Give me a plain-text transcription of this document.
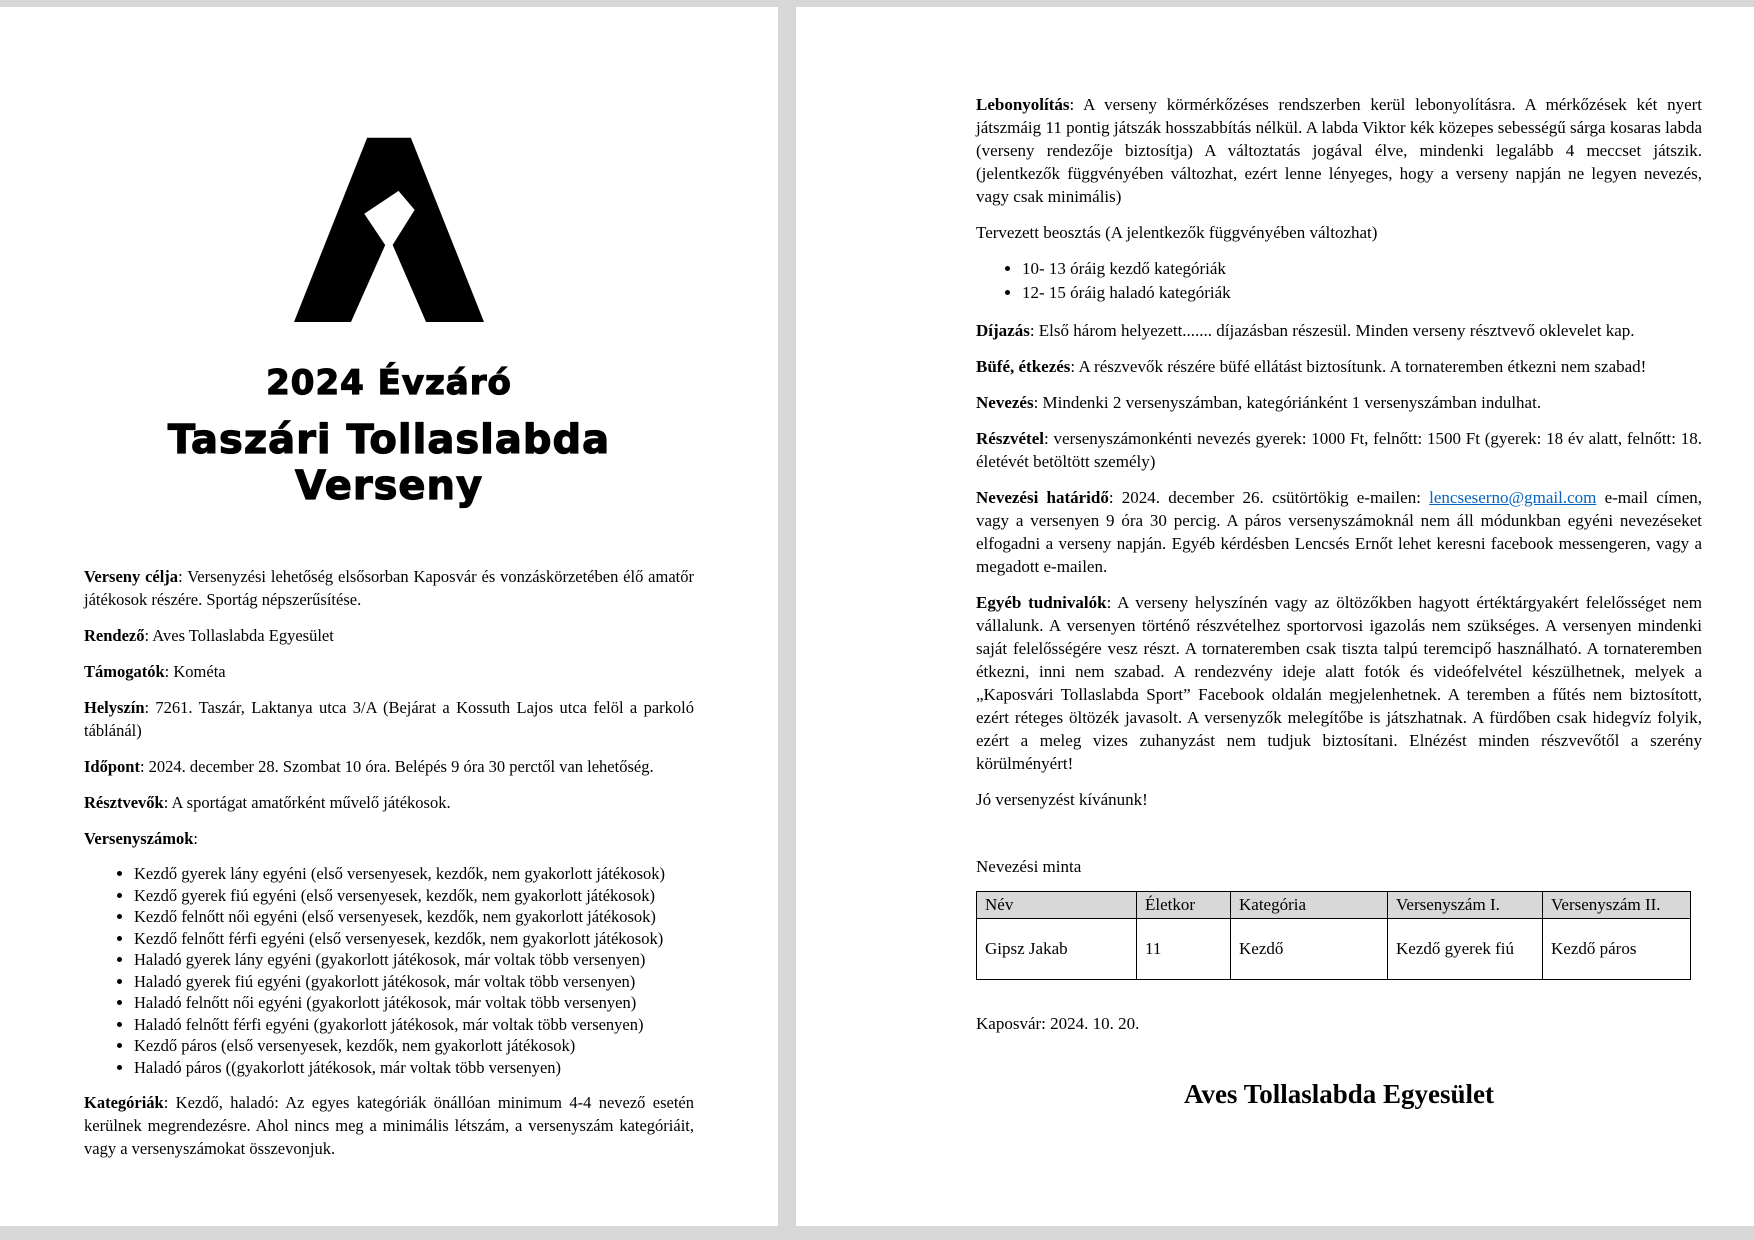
2024 Évzáró
Taszári Tollaslabda Verseny

Verseny célja: Versenyzési lehetőség elsősorban Kaposvár és vonzáskörzetében élő amatőr játékosok részére. Sportág népszerűsítése.

Rendező: Aves Tollaslabda Egyesület

Támogatók: Kométa

Helyszín: 7261. Taszár, Laktanya utca 3/A (Bejárat a Kossuth Lajos utca felöl a parkoló táblánál)

Időpont: 2024. december 28. Szombat 10 óra. Belépés 9 óra 30 perctől van lehetőség.

Résztvevők: A sportágat amatőrként művelő játékosok.

Versenyszámok:

• Kezdő gyerek lány egyéni (első versenyesek, kezdők, nem gyakorlott játékosok)
• Kezdő gyerek fiú egyéni (első versenyesek, kezdők, nem gyakorlott játékosok)
• Kezdő felnőtt női egyéni (első versenyesek, kezdők, nem gyakorlott játékosok)
• Kezdő felnőtt férfi egyéni (első versenyesek, kezdők, nem gyakorlott játékosok)
• Haladó gyerek lány egyéni (gyakorlott játékosok, már voltak több versenyen)
• Haladó gyerek fiú egyéni (gyakorlott játékosok, már voltak több versenyen)
• Haladó felnőtt női egyéni (gyakorlott játékosok, már voltak több versenyen)
• Haladó felnőtt férfi egyéni (gyakorlott játékosok, már voltak több versenyen)
• Kezdő páros (első versenyesek, kezdők, nem gyakorlott játékosok)
• Haladó páros ((gyakorlott játékosok, már voltak több versenyen)

Kategóriák: Kezdő, haladó: Az egyes kategóriák önállóan minimum 4-4 nevező esetén kerülnek megrendezésre. Ahol nincs meg a minimális létszám, a versenyszám kategóriáit, vagy a versenyszámokat összevonjuk.

Lebonyolítás: A verseny körmérkőzéses rendszerben kerül lebonyolításra. A mérkőzések két nyert játszmáig 11 pontig játszák hosszabbítás nélkül. A labda Viktor kék közepes sebességű sárga kosaras labda (verseny rendezője biztosítja) A változtatás jogával élve, mindenki legalább 4 meccset játszik. (jelentkezők függvényében változhat, ezért lenne lényeges, hogy a verseny napján ne legyen nevezés, vagy csak minimális)

Tervezett beosztás (A jelentkezők függvényében változhat)

• 10- 13 óráig kezdő kategóriák
• 12- 15 óráig haladó kategóriák

Díjazás: Első három helyezett....... díjazásban részesül. Minden verseny résztvevő oklevelet kap.

Büfé, étkezés: A részvevők részére büfé ellátást biztosítunk. A tornateremben étkezni nem szabad!

Nevezés: Mindenki 2 versenyszámban, kategóriánként 1 versenyszámban indulhat.

Részvétel: versenyszámonkénti nevezés gyerek: 1000 Ft, felnőtt: 1500 Ft (gyerek: 18 év alatt, felnőtt: 18. életévét betöltött személy)

Nevezési határidő: 2024. december 26. csütörtökig e-mailen: lencseserno@gmail.com e-mail címen, vagy a versenyen 9 óra 30 percig. A páros versenyszámoknál nem áll módunkban egyéni nevezéseket elfogadni a verseny napján. Egyéb kérdésben Lencsés Ernőt lehet keresni facebook messengeren, vagy a megadott e-mailen.

Egyéb tudnivalók: A verseny helyszínén vagy az öltözőkben hagyott értéktárgyakért felelősséget nem vállalunk. A versenyen történő részvételhez sportorvosi igazolás nem szükséges. A versenyen mindenki saját felelősségére vesz részt. A tornateremben csak tiszta talpú teremcipő használható. A tornateremben étkezni, inni nem szabad. A rendezvény ideje alatt fotók és videófelvétel készülhetnek, melyek a „Kaposvári Tollaslabda Sport” Facebook oldalán megjelenhetnek. A teremben a fűtés nem biztosított, ezért réteges öltözék javasolt. A versenyzők melegítőbe is játszhatnak. A fürdőben csak hidegvíz folyik, ezért a meleg vizes zuhanyzást nem tudjuk biztosítani. Elnézést minden részvevőtől a szerény körülményért!

Jó versenyzést kívánunk!

Nevezési minta

Név	Életkor	Kategória	Versenyszám I.	Versenyszám II.
Gipsz Jakab	11	Kezdő	Kezdő gyerek fiú	Kezdő páros

Kaposvár: 2024. 10. 20.

Aves Tollaslabda Egyesület
